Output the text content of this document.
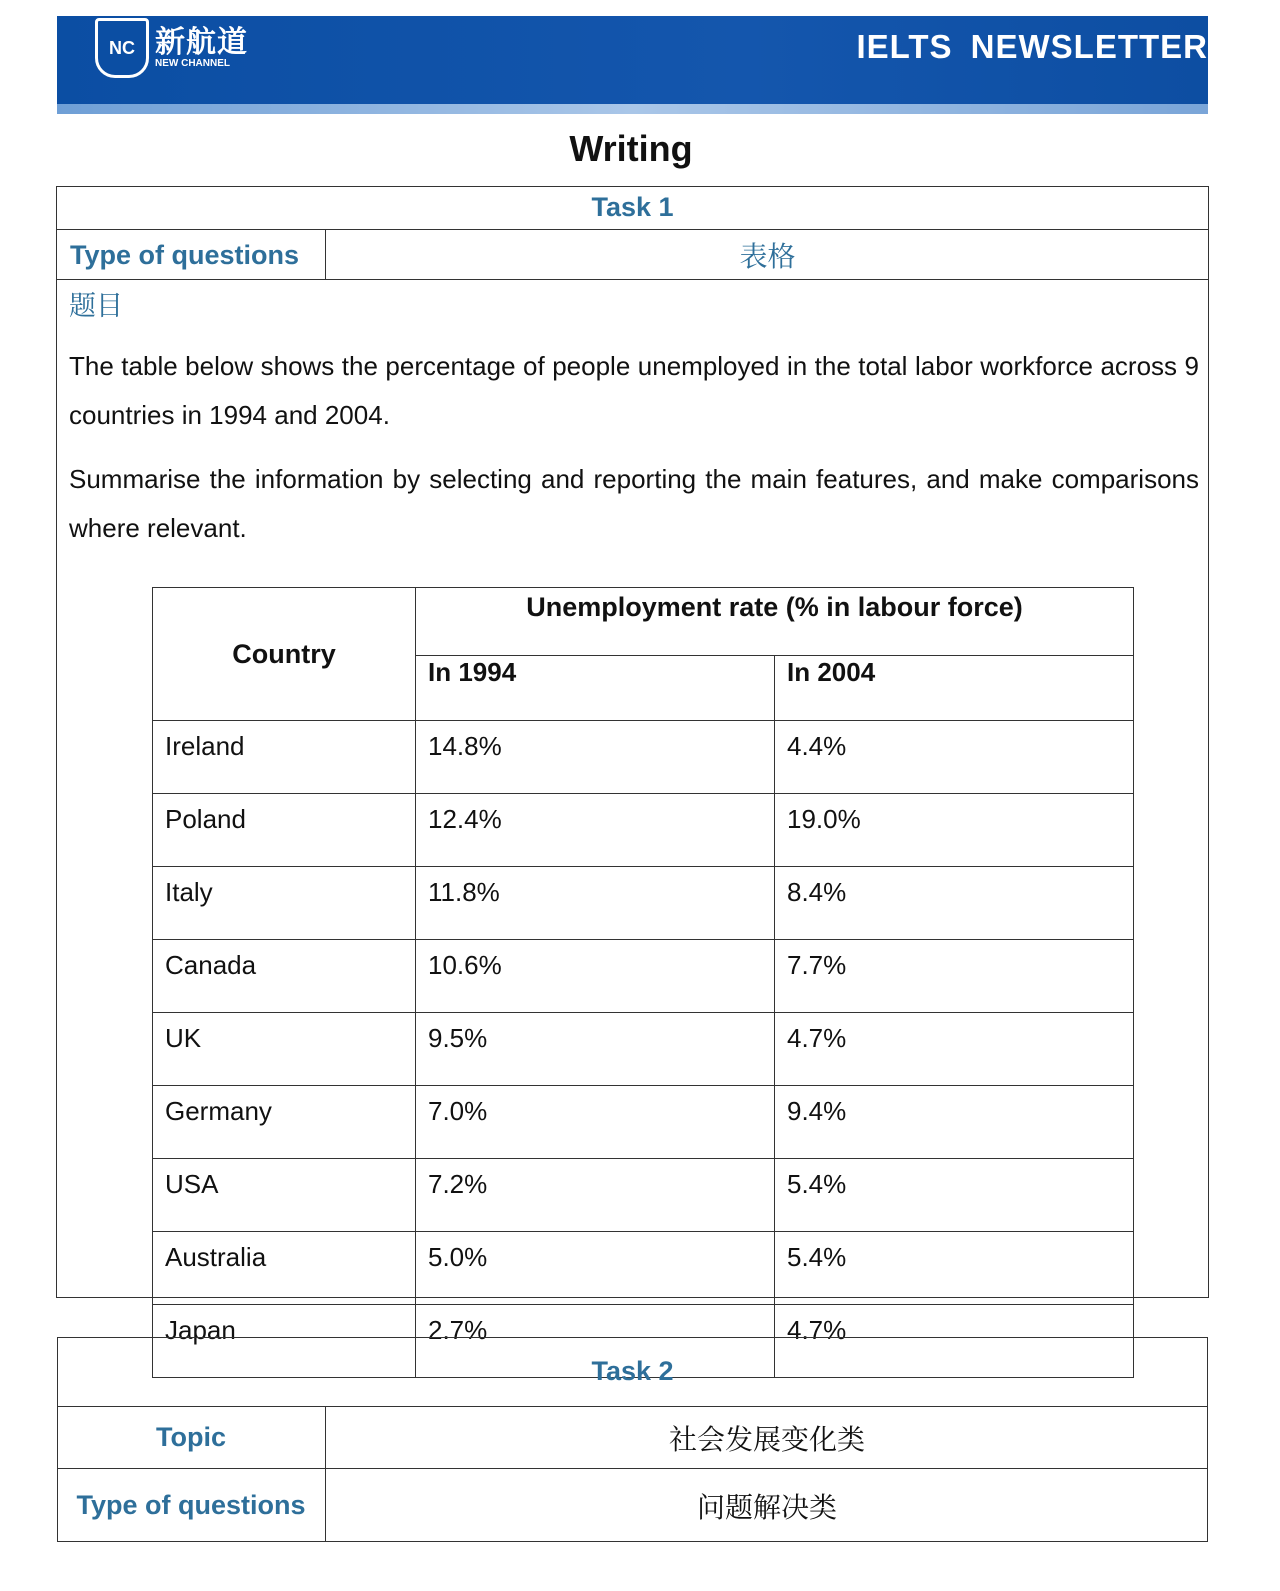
NC 新航道
NEW CHANNEL	IELTS NEWSLETTER
Writing
Task 1
Type of questions	表格
题目

The table below shows the percentage of people unemployed in the total labor workforce across 9 countries in 1994 and 2004.

Summarise the information by selecting and reporting the main features, and make comparisons where relevant.

Country	Unemployment rate (% in labour force)	
	In 1994	In 2004
Ireland	14.8%	4.4%
Poland	12.4%	19.0%
Italy	11.8%	8.4%
Canada	10.6%	7.7%
UK	9.5%	4.7%
Germany	7.0%	9.4%
USA	7.2%	5.4%
Australia	5.0%	5.4%
Japan	2.7%	4.7%
Task 2
Topic	社会发展变化类
Type of questions	问题解决类
